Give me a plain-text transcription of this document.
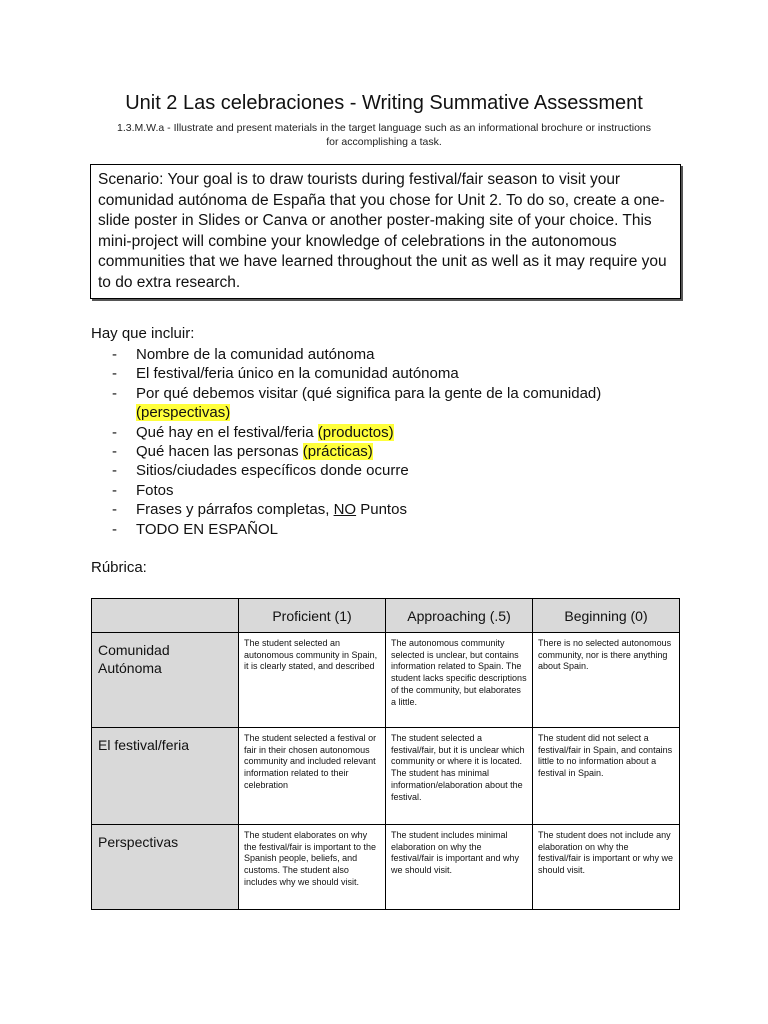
Unit 2 Las celebraciones - Writing Summative Assessment
1.3.M.W.a - Illustrate and present materials in the target language such as an informational brochure or instructions
for accomplishing a task.
Scenario: Your goal is to draw tourists during festival/fair season to visit your comunidad autónoma de España that you chose for Unit 2. To do so, create a one-slide poster in Slides or Canva or another poster-making site of your choice. This mini-project will combine your knowledge of celebrations in the autonomous communities that we have learned throughout the unit as well as it may require you to do extra research.
Hay que incluir:
- Nombre de la comunidad autónoma
- El festival/feria único en la comunidad autónoma
- Por qué debemos visitar (qué significa para la gente de la comunidad) (perspectivas)
- Qué hay en el festival/feria (productos)
- Qué hacen las personas (prácticas)
- Sitios/ciudades específicos donde ocurre
- Fotos
- Frases y párrafos completas, NO Puntos
- TODO EN ESPAÑOL
Rúbrica:
	Proficient (1)	Approaching (.5)	Beginning (0)
Comunidad Autónoma	The student selected an autonomous community in Spain, it is clearly stated, and described	The autonomous community selected is unclear, but contains information related to Spain. The student lacks specific descriptions of the community, but elaborates a little.	There is no selected autonomous community, nor is there anything about Spain.
El festival/feria	The student selected a festival or fair in their chosen autonomous community and included relevant information related to their celebration	The student selected a festival/fair, but it is unclear which community or where it is located. The student has minimal information/elaboration about the festival.	The student did not select a festival/fair in Spain, and contains little to no information about a festival in Spain.
Perspectivas	The student elaborates on why the festival/fair is important to the Spanish people, beliefs, and customs. The student also includes why we should visit.	The student includes minimal elaboration on why the festival/fair is important and why we should visit.	The student does not include any elaboration on why the festival/fair is important or why we should visit.
